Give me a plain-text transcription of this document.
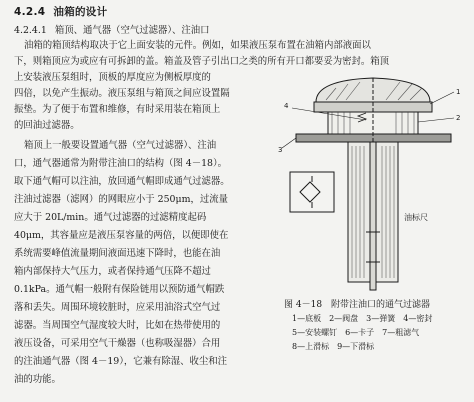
4.2.4 油箱的设计
4.2.4.1 箱顶、通气器（空气过滤器）、注油口
油箱的箱顶结构取决于它上面安装的元件。例如，如果液压泵布置在油箱内部液面以
下，则箱顶应为或应有可拆卸的盖。箱盖及管子引出口之类的所有开口都要妥为密封。箱顶
上安装液压泵组时，顶板的厚度应为侧板厚度的
四倍，以免产生振动。液压泵组与箱顶之间应设置隔
振垫。为了便于布置和维修，有时采用装在箱顶上
的回油过滤器。
箱顶上一般要设置通气器（空气过滤器）、注油
口，通气器通常为附带注油口的结构（图 4－18）。
取下通气帽可以注油，放回通气帽即成通气过滤器。
注油过滤器（滤网）的网眼应小于 250μm，过流量
应大于 20L/min。通气过滤器的过滤精度起码
40μm，其容量应是液压泵容量的两倍，以便即使在
系统需要峰值流量期间液面迅速下降时，也能在油
箱内部保持大气压力，或者保持通气压降不超过
0.1kPa。通气帽一般附有保险链用以预防通气帽跌
落和丢失。周围环境较脏时，应采用油浴式空气过
滤器。当周围空气湿度较大时，比如在热带使用的
液压设备，可采用空气干燥器（也称吸湿器）合用
的注油通气器（图 4－19），它兼有除湿、收尘和注
油的功能。
油标尺
1
2
3
4
图 4－18　附带注油口的通气过滤器
1—底板　2—阀盘　3—弹簧　4—密封
5—安装螺钉　6—卡子　7—粗滤气
8—上滑标　9—下滑标
